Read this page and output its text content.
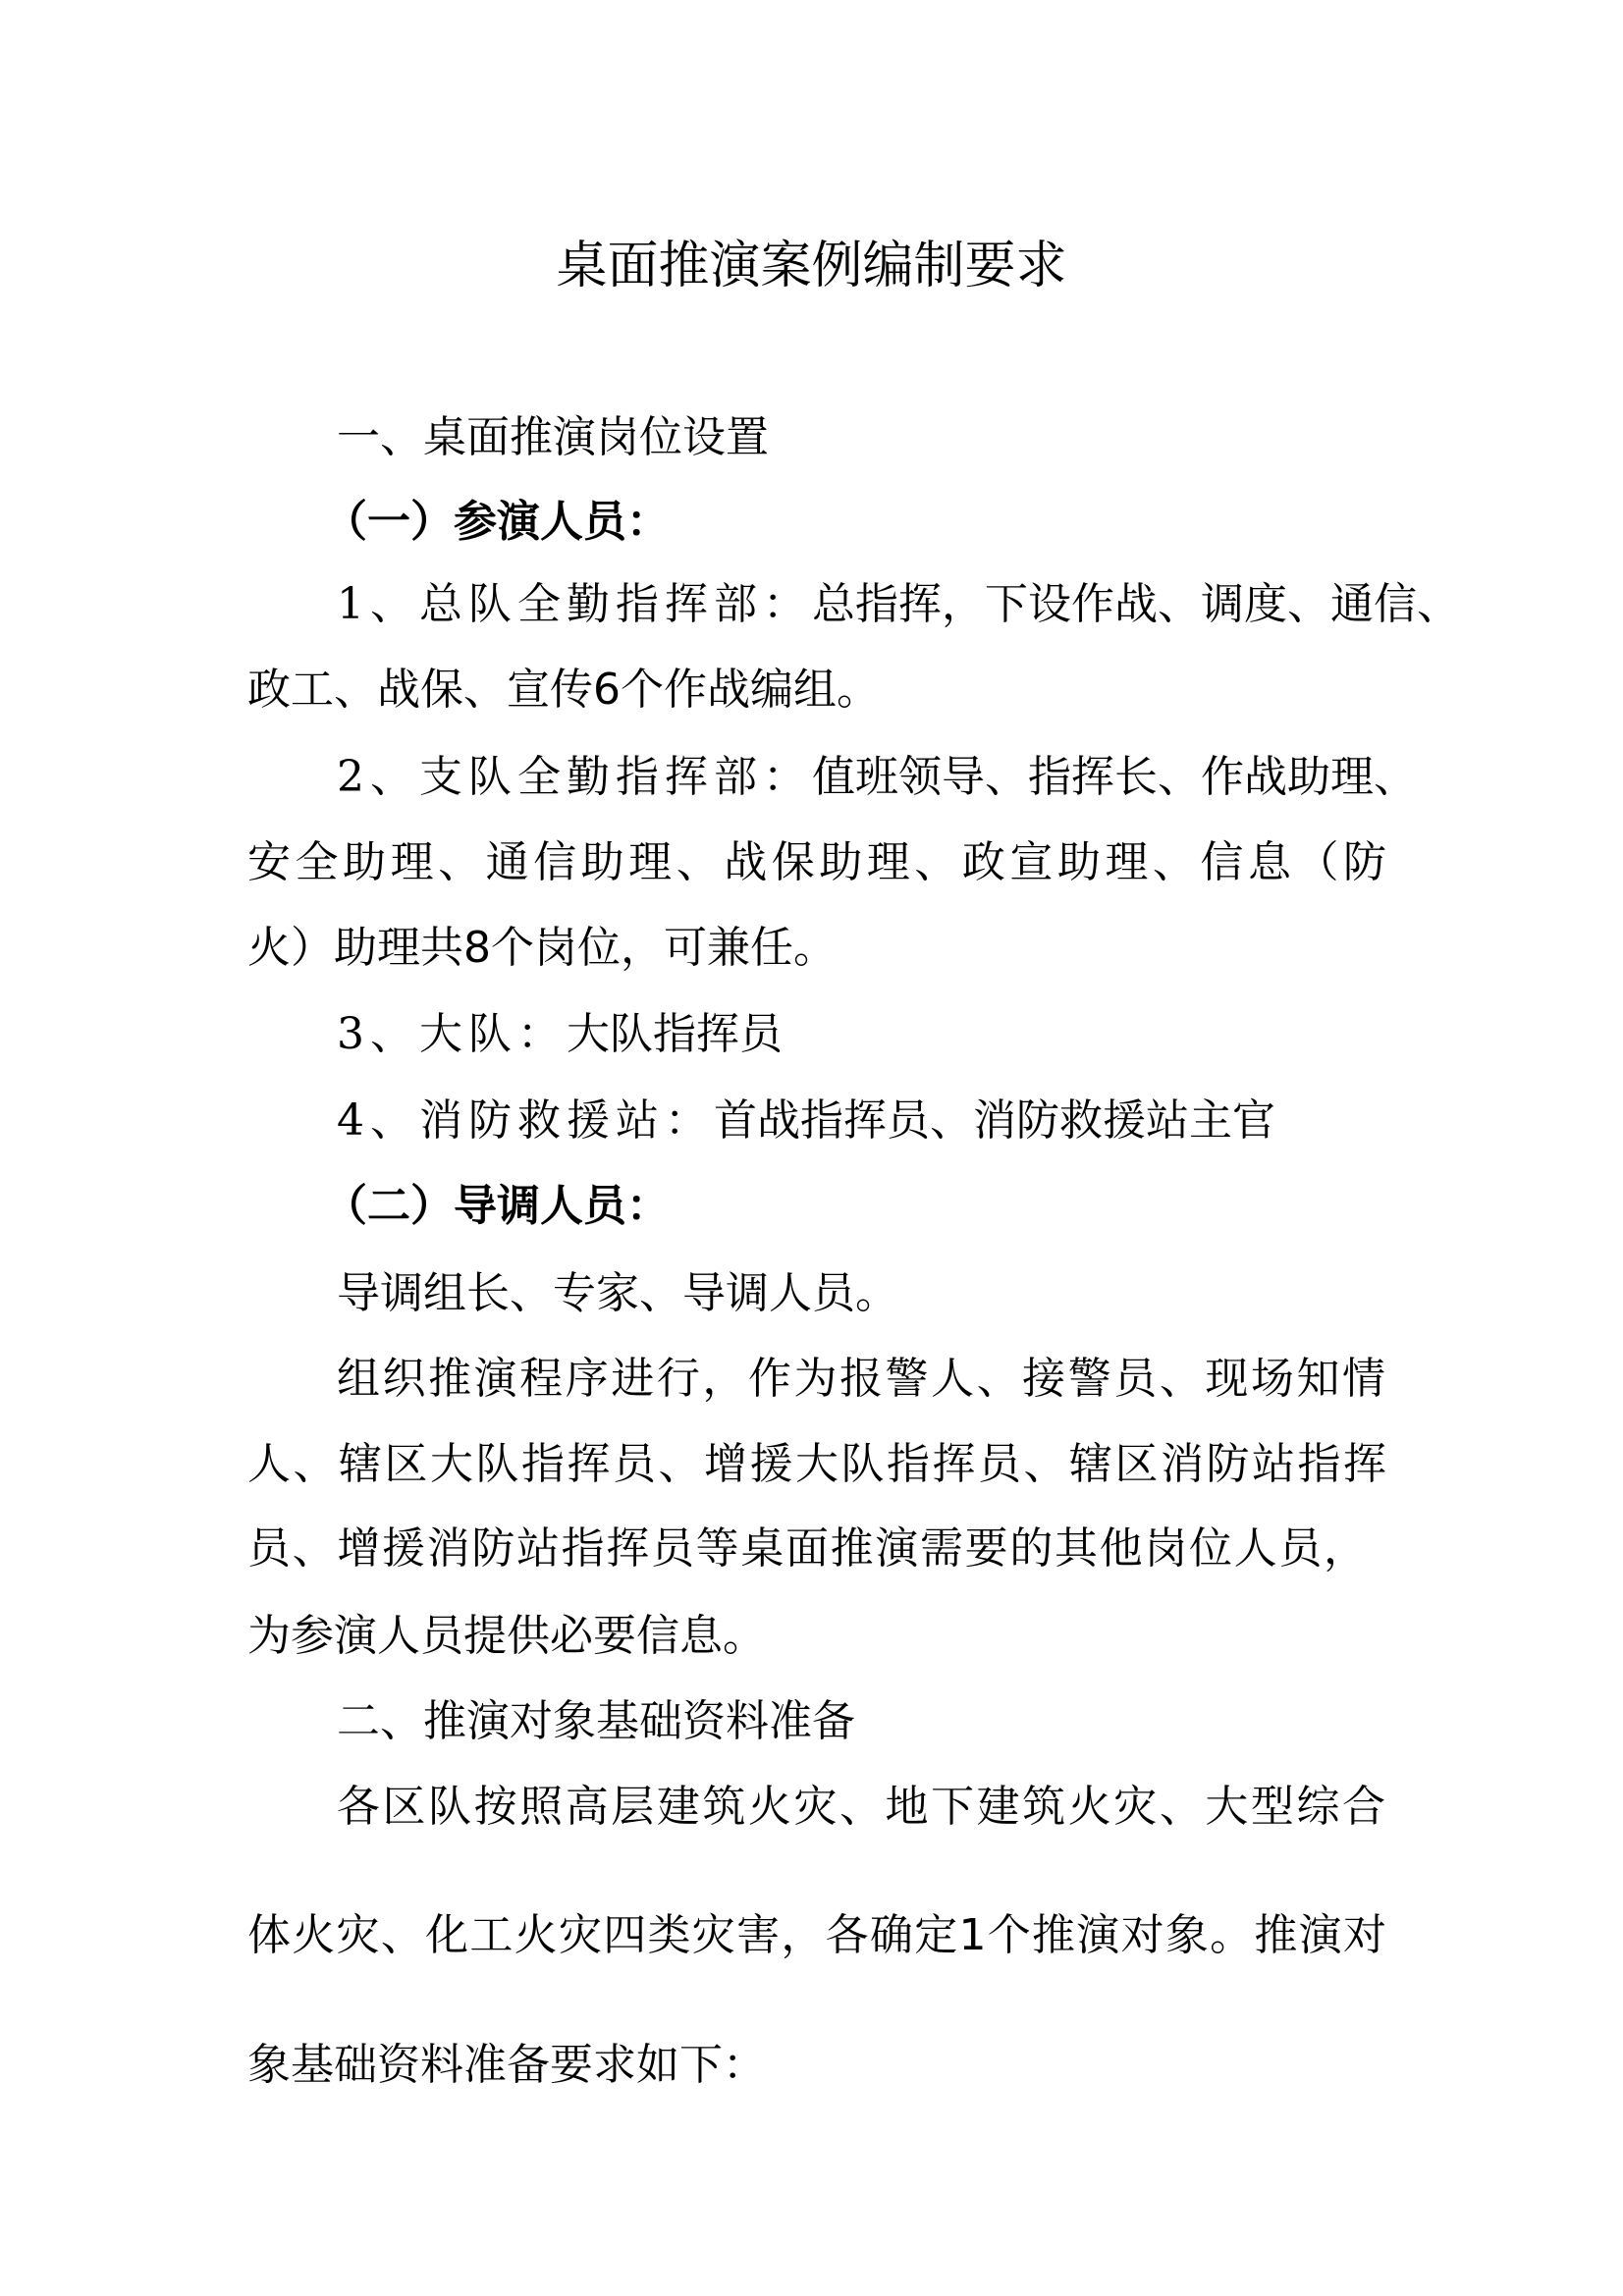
桌面推演案例编制要求
一、桌面推演岗位设置
（一）参演人员：
1、总队全勤指挥部：总指挥，下设作战、调度、通信、
政工、战保、宣传6个作战编组。
2、支队全勤指挥部：值班领导、指挥长、作战助理、
安全助理、通信助理、战保助理、政宣助理、信息（防
火）助理共8个岗位，可兼任。
3、大队：大队指挥员
4、消防救援站：首战指挥员、消防救援站主官
（二）导调人员：
导调组长、专家、导调人员。
组织推演程序进行，作为报警人、接警员、现场知情
人、辖区大队指挥员、增援大队指挥员、辖区消防站指挥
员、增援消防站指挥员等桌面推演需要的其他岗位人员，
为参演人员提供必要信息。
二、推演对象基础资料准备
各区队按照高层建筑火灾、地下建筑火灾、大型综合
体火灾、化工火灾四类灾害，各确定1个推演对象。推演对
象基础资料准备要求如下：
